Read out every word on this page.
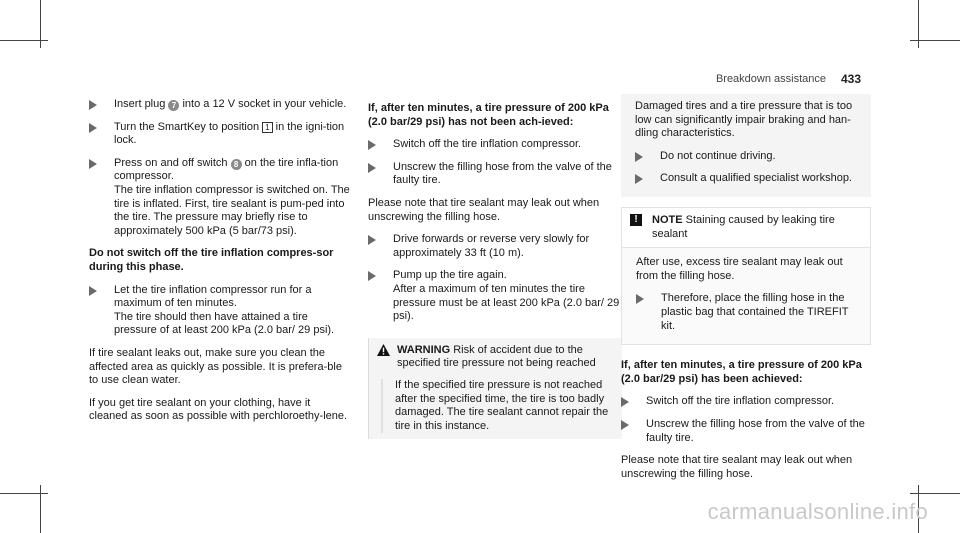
Breakdown assistance 433
Insert plug 7 into a 12 V socket in your vehicle.
Turn the SmartKey to position 1 in the igni-tion lock.
Press on and off switch 8 on the tire infla-tion compressor.
The tire inflation compressor is switched on. The tire is inflated. First, tire sealant is pum-ped into the tire. The pressure may briefly rise to approximately 500 kPa (5 bar/73 psi).
Do not switch off the tire inflation compres-sor during this phase.
Let the tire inflation compressor run for a maximum of ten minutes.
The tire should then have attained a tire pressure of at least 200 kPa (2.0 bar/ 29 psi).

If tire sealant leaks out, make sure you clean the affected area as quickly as possible. It is prefera-ble to use clean water.

If you get tire sealant on your clothing, have it cleaned as soon as possible with perchloroethy-lene.

If, after ten minutes, a tire pressure of 200 kPa (2.0 bar/29 psi) has not been ach-ieved:
Switch off the tire inflation compressor.
Unscrew the filling hose from the valve of the faulty tire.

Please note that tire sealant may leak out when unscrewing the filling hose.

Drive forwards or reverse very slowly for approximately 33 ft (10 m).
Pump up the tire again.
After a maximum of ten minutes the tire pressure must be at least 200 kPa (2.0 bar/ 29 psi).
WARNING Risk of accident due to the specified tire pressure not being reached
If the specified tire pressure is not reached after the specified time, the tire is too badly damaged. The tire sealant cannot repair the tire in this instance.

Damaged tires and a tire pressure that is too low can significantly impair braking and han-dling characteristics.

Do not continue driving.
Consult a qualified specialist workshop.
!	NOTE Staining caused by leaking tire sealant

After use, excess tire sealant may leak out from the filling hose.

Therefore, place the filling hose in the plastic bag that contained the TIREFIT kit.
If, after ten minutes, a tire pressure of 200 kPa (2.0 bar/29 psi) has been achieved:
Switch off the tire inflation compressor.
Unscrew the filling hose from the valve of the faulty tire.

Please note that tire sealant may leak out when unscrewing the filling hose.

carmanualsonline.info
